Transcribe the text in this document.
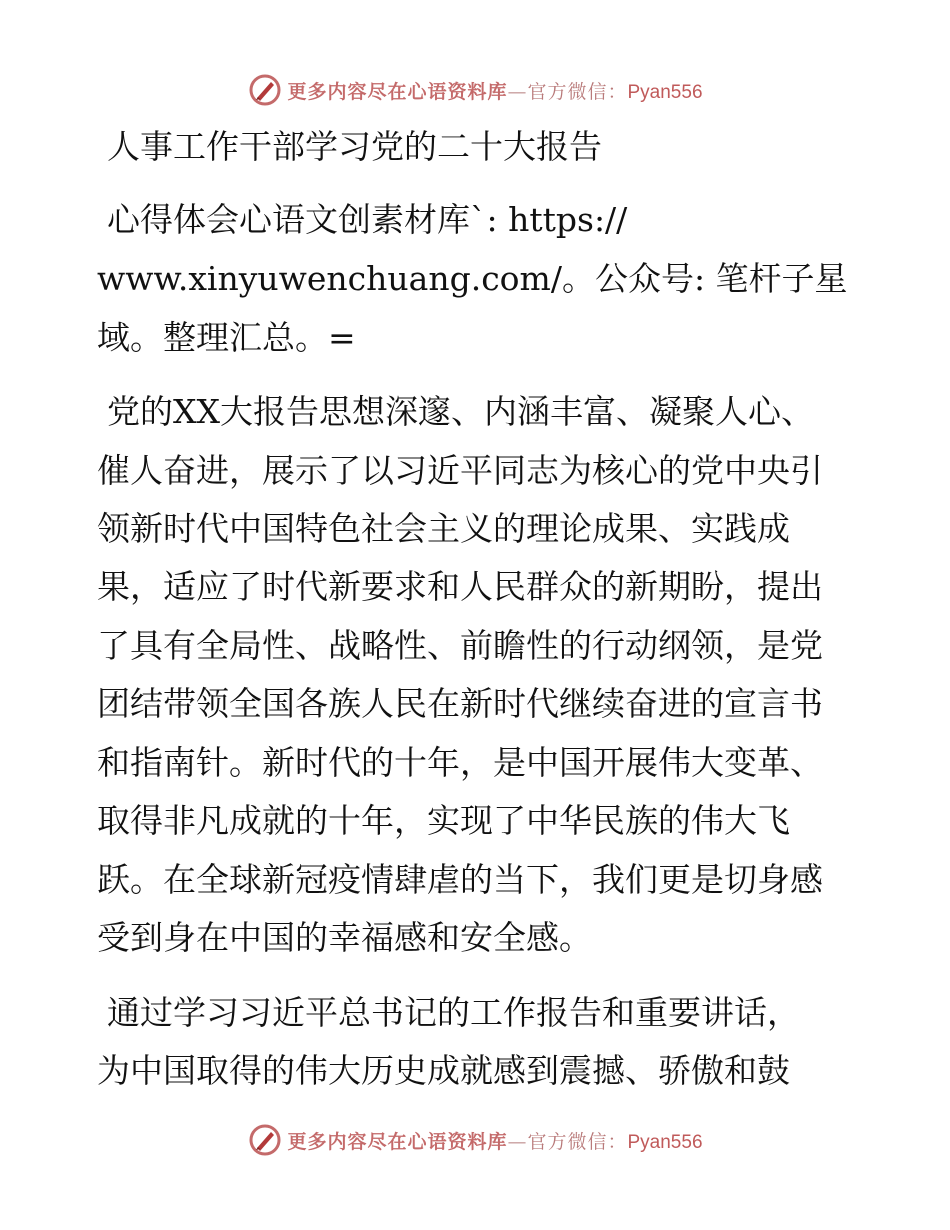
更多内容尽在心语资料库—官方微信：Pyan556
人事工作干部学习党的二十大报告
心得体会心语文创素材库`: https://
www.xinyuwenchuang.com/。公众号: 笔杆子星
域。整理汇总。=
党的XX大报告思想深邃、内涵丰富、凝聚人心、
催人奋进，展示了以习近平同志为核心的党中央引
领新时代中国特色社会主义的理论成果、实践成
果，适应了时代新要求和人民群众的新期盼，提出
了具有全局性、战略性、前瞻性的行动纲领，是党
团结带领全国各族人民在新时代继续奋进的宣言书
和指南针。新时代的十年，是中国开展伟大变革、
取得非凡成就的十年，实现了中华民族的伟大飞
跃。在全球新冠疫情肆虐的当下，我们更是切身感
受到身在中国的幸福感和安全感。
通过学习习近平总书记的工作报告和重要讲话，
为中国取得的伟大历史成就感到震撼、骄傲和鼓
更多内容尽在心语资料库—官方微信：Pyan556
